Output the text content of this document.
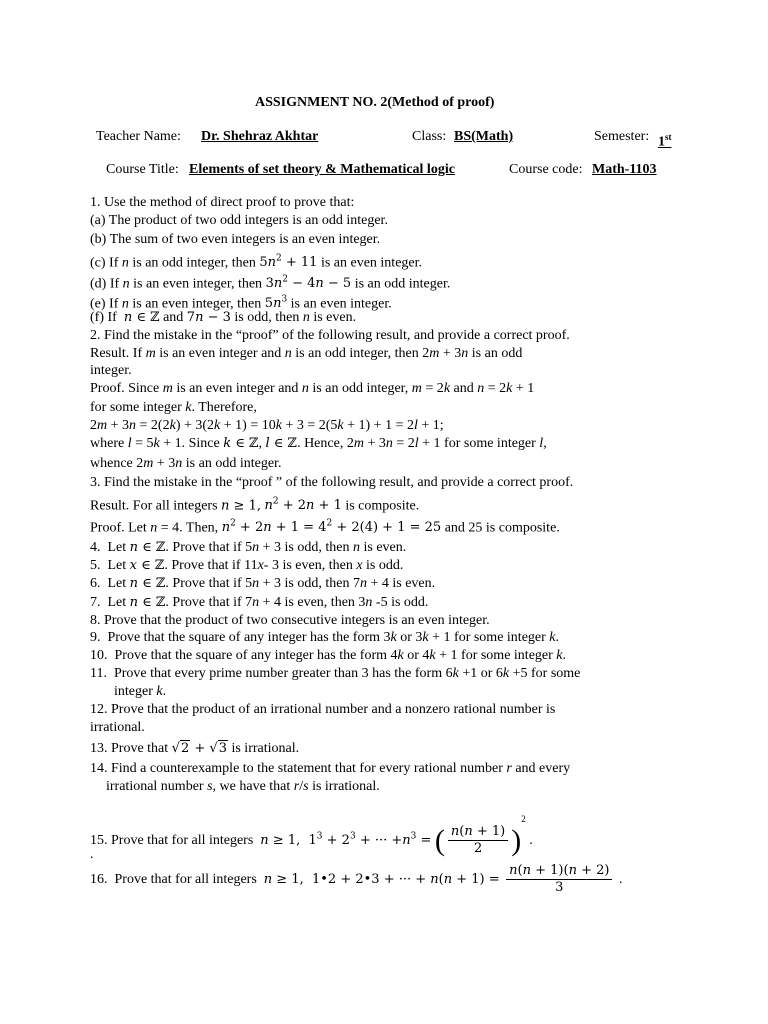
ASSIGNMENT NO. 2(Method of proof)
Teacher Name: Dr. Shehraz Akhtar	Class: BS(Math)	Semester: 1st
Course Title: Elements of set theory & Mathematical logic	Course code: Math-1103
1. Use the method of direct proof to prove that:
(a) The product of two odd integers is an odd integer.
(b) The sum of two even integers is an even integer.
(c) If n is an odd integer, then $5n^2 + 11$ is an even integer.
(d) If n is an even integer, then $3n^2 - 4n - 5$ is an odd integer.
(e) If n is an even integer, then $5n^3$ is an even integer.
(f) If  n ∈ ℤ and 7n − 3 is odd, then n is even.
2. Find the mistake in the “proof” of the following result, and provide a correct proof.
Result. If m is an even integer and n is an odd integer, then 2m + 3n is an odd
integer.
Proof. Since m is an even integer and n is an odd integer, m = 2k and n = 2k + 1
for some integer k. Therefore,
2m + 3n = 2(2k) + 3(2k + 1) = 10k + 3 = 2(5k + 1) + 1 = 2l + 1;
where l = 5k + 1. Since k ∈ ℤ, l ∈ ℤ. Hence, 2m + 3n = 2l + 1 for some integer l,
whence 2m + 3n is an odd integer.
3. Find the mistake in the “proof ” of the following result, and provide a correct proof.
Result. For all integers n ≥ 1, $n^2 + 2n + 1$ is composite.
Proof. Let n = 4. Then, $n^2 + 2n + 1 = 4^2 + 2(4) + 1 = 25$ and 25 is composite.
4.  Let n ∈ ℤ. Prove that if 5n + 3 is odd, then n is even.
5.  Let x ∈ ℤ. Prove that if 11x- 3 is even, then x is odd.
6.  Let n ∈ ℤ. Prove that if 5n + 3 is odd, then 7n + 4 is even.
7.  Let n ∈ ℤ. Prove that if 7n + 4 is even, then 3n -5 is odd.
8. Prove that the product of two consecutive integers is an even integer.
9.  Prove that the square of any integer has the form 3k or 3k + 1 for some integer k.
10.  Prove that the square of any integer has the form 4k or 4k + 1 for some integer k.
11.  Prove that every prime number greater than 3 has the form 6k +1 or 6k +5 for some
integer k.
12. Prove that the product of an irrational number and a nonzero rational number is
irrational.
13. Prove that √2 + √3 is irrational.
14. Find a counterexample to the statement that for every rational number r and every
irrational number s, we have that r/s is irrational.
15. Prove that for all integers  n ≥ 1,  $1^3 + 2^3$ + ··· $+n^3$ = ( $\frac{n(n + 1)}{2} )^2$ .
.
16.  Prove that for all integers  n ≥ 1,  1•2 + 2•3 + ··· + $n(n + 1) = \frac{n(n + 1)(n + 2)}{3}$ .
